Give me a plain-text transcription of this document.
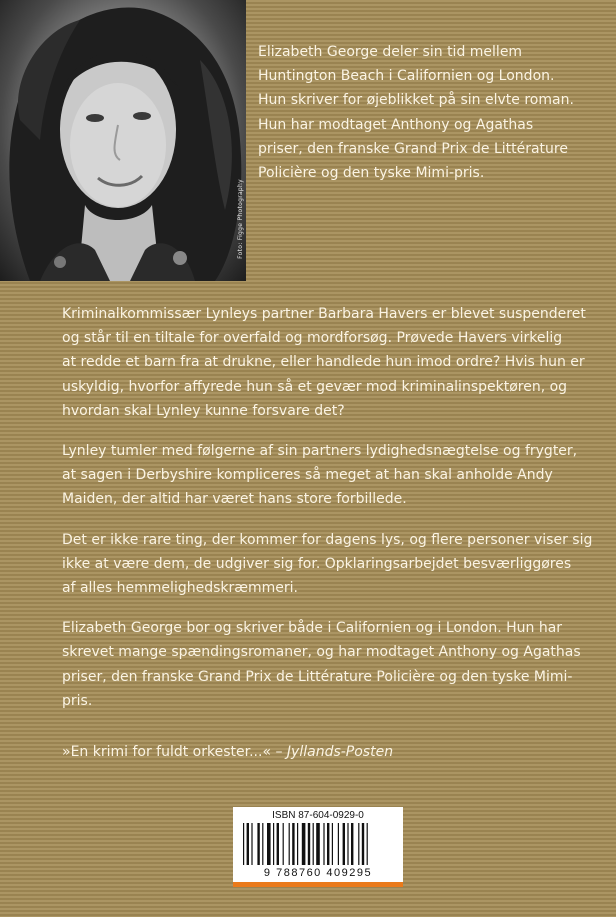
Foto: Figge Photography
Elizabeth George deler sin tid mellem
Huntington Beach i Californien og London.
Hun skriver for øjeblikket på sin elvte roman.
Hun har modtaget Anthony og Agathas
priser, den franske Grand Prix de Littérature
Policière og den tyske Mimi-pris.

Kriminalkommissær Lynleys partner Barbara Havers er blevet suspenderet
og står til en tiltale for overfald og mordforsøg. Prøvede Havers virkelig
at redde et barn fra at drukne, eller handlede hun imod ordre? Hvis hun er
uskyldig, hvorfor affyrede hun så et gevær mod kriminalinspektøren, og
hvordan skal Lynley kunne forsvare det?

Lynley tumler med følgerne af sin partners lydighedsnægtelse og frygter,
at sagen i Derbyshire kompliceres så meget at han skal anholde Andy
Maiden, der altid har været hans store forbillede.

Det er ikke rare ting, der kommer for dagens lys, og flere personer viser sig
ikke at være dem, de udgiver sig for. Opklaringsarbejdet besværliggøres
af alles hemmelighedskræmmeri.

Elizabeth George bor og skriver både i Californien og i London. Hun har
skrevet mange spændingsromaner, og har modtaget Anthony og Agathas
priser, den franske Grand Prix de Littérature Policière og den tyske Mimi-
pris.

»En krimi for fuldt orkester...« – Jyllands-Posten
ISBN 87-604-0929-0
9 788760 409295
